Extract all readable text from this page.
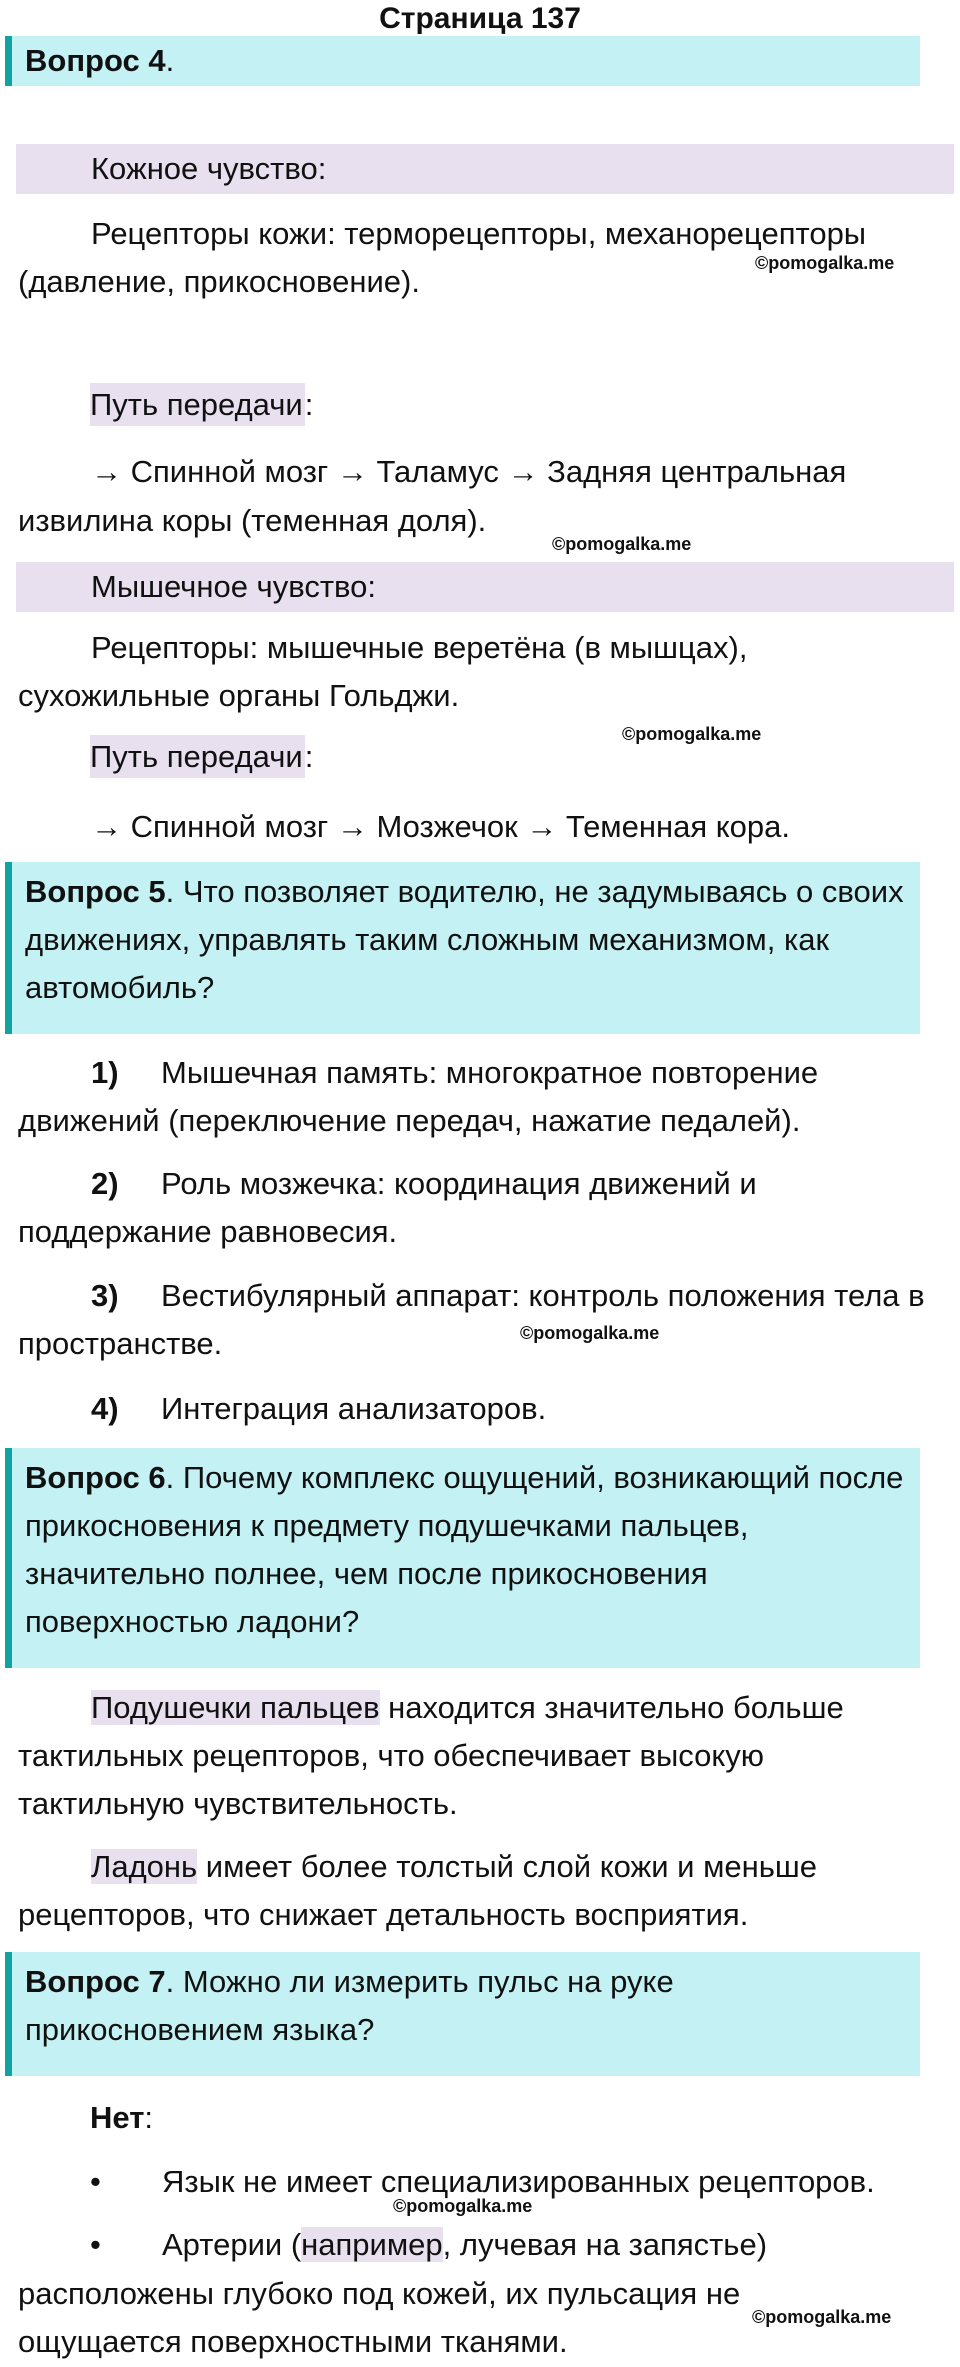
Страница 137
Вопрос 4.
Кожное чувство:
Рецепторы кожи: терморецепторы, механорецепторы (давление, прикосновение).
©pomogalka.me
Путь передачи:
→ Спинной мозг → Таламус → Задняя центральная
извилина коры (теменная доля).
©pomogalka.me
Мышечное чувство:
Рецепторы: мышечные веретёна (в мышцах), сухожильные органы Гольджи.
©pomogalka.me
Путь передачи:
→ Спинной мозг → Мозжечок → Теменная кора.
Вопрос 5. Что позволяет водителю, не задумываясь о своих движениях, управлять таким сложным механизмом, как автомобиль?
1) Мышечная память: многократное повторение движений (переключение передач, нажатие педалей).
2) Роль мозжечка: координация движений и поддержание равновесия.
3) Вестибулярный аппарат: контроль положения тела в пространстве.	©pomogalka.me
4) Интеграция анализаторов.
Вопрос 6. Почему комплекс ощущений, возникающий после прикосновения к предмету подушечками пальцев, значительно полнее, чем после прикосновения поверхностью ладони?
Подушечки пальцев находится значительно больше тактильных рецепторов, что обеспечивает высокую тактильную чувствительность.
Ладонь имеет более толстый слой кожи и меньше рецепторов, что снижает детальность восприятия.
Вопрос 7. Можно ли измерить пульс на руке прикосновением языка?
Нет:
• Язык не имеет специализированных рецепторов.
©pomogalka.me
• Артерии (например, лучевая на запястье)
расположены глубоко под кожей, их пульсация не
ощущается поверхностными тканями.
©pomogalka.me
